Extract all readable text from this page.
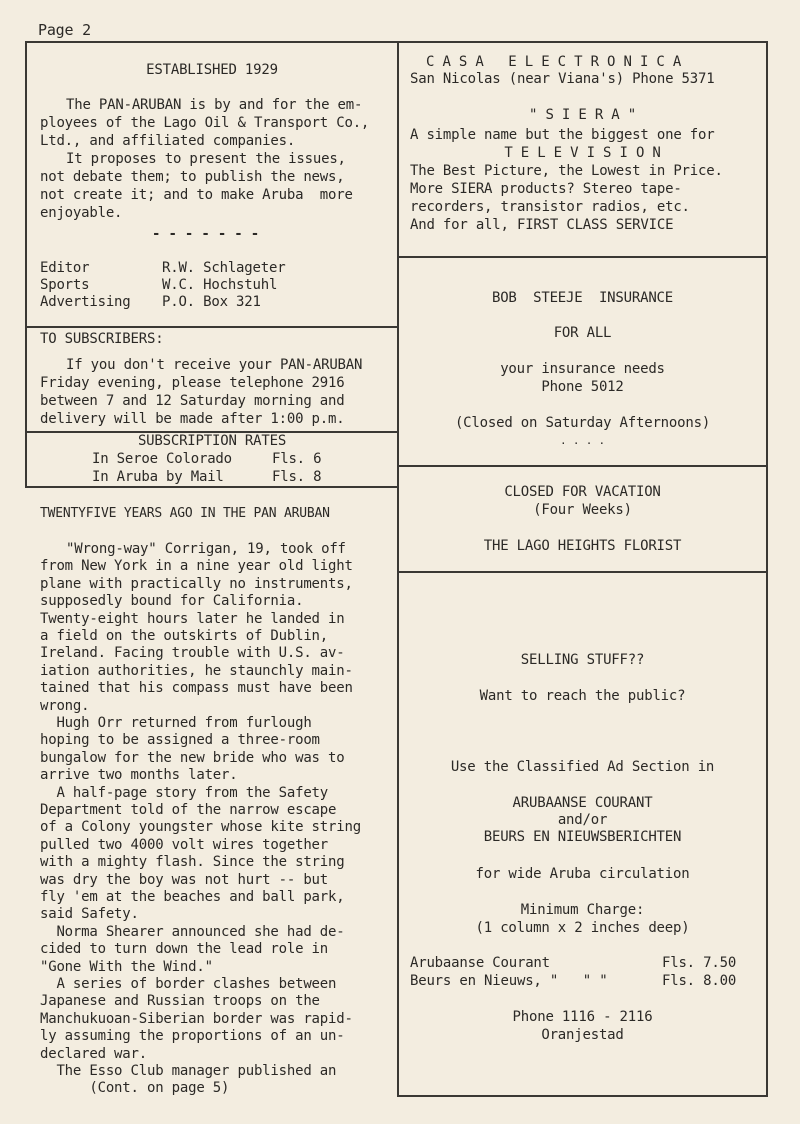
Page 2
ESTABLISHED 1929
The PAN-ARUBAN is by and for the em-
ployees of the Lago Oil & Transport Co.,
Ltd., and affiliated companies.
It proposes to present the issues,
not debate them; to publish the news,
not create it; and to make Aruba  more
enjoyable.
- - - - - - -
Editor	R.W. Schlageter
Sports	W.C. Hochstuhl
Advertising P.O. Box 321
TO SUBSCRIBERS:
If you don't receive your PAN-ARUBAN
Friday evening, please telephone 2916
between 7 and 12 Saturday morning and
delivery will be made after 1:00 p.m.
SUBSCRIPTION RATES
In Seroe Colorado	Fls. 6
In Aruba by Mail	Fls. 8
TWENTYFIVE YEARS AGO IN THE PAN ARUBAN
"Wrong-way" Corrigan, 19, took off
from New York in a nine year old light
plane with practically no instruments,
supposedly bound for California.
Twenty-eight hours later he landed in
a field on the outskirts of Dublin,
Ireland. Facing trouble with U.S. av-
iation authorities, he staunchly main-
tained that his compass must have been
wrong.
Hugh Orr returned from furlough
hoping to be assigned a three-room
bungalow for the new bride who was to
arrive two months later.
A half-page story from the Safety
Department told of the narrow escape
of a Colony youngster whose kite string
pulled two 4000 volt wires together
with a mighty flash. Since the string
was dry the boy was not hurt -- but
fly 'em at the beaches and ball park,
said Safety.
Norma Shearer announced she had de-
cided to turn down the lead role in
"Gone With the Wind."
A series of border clashes between
Japanese and Russian troops on the
Manchukuoan-Siberian border was rapid-
ly assuming the proportions of an un-
declared war.
The Esso Club manager published an
(Cont. on page 5)
C A S A   E L E C T R O N I C A
San Nicolas (near Viana's) Phone 5371
" S I E R A "
A simple name but the biggest one for
T E L E V I S I O N
The Best Picture, the Lowest in Price.
More SIERA products? Stereo tape-
recorders, transistor radios, etc.
And for all, FIRST CLASS SERVICE
BOB  STEEJE  INSURANCE
FOR ALL
your insurance needs
Phone 5012
(Closed on Saturday Afternoons)
. . . .
CLOSED FOR VACATION
(Four Weeks)
THE LAGO HEIGHTS FLORIST
SELLING STUFF??
Want to reach the public?
Use the Classified Ad Section in
ARUBAANSE COURANT
and/or
BEURS EN NIEUWSBERICHTEN
for wide Aruba circulation
Minimum Charge:
(1 column x 2 inches deep)
Arubaanse Courant	Fls. 7.50
Beurs en Nieuws, "   " "	Fls. 8.00
Phone 1116 - 2116
Oranjestad
